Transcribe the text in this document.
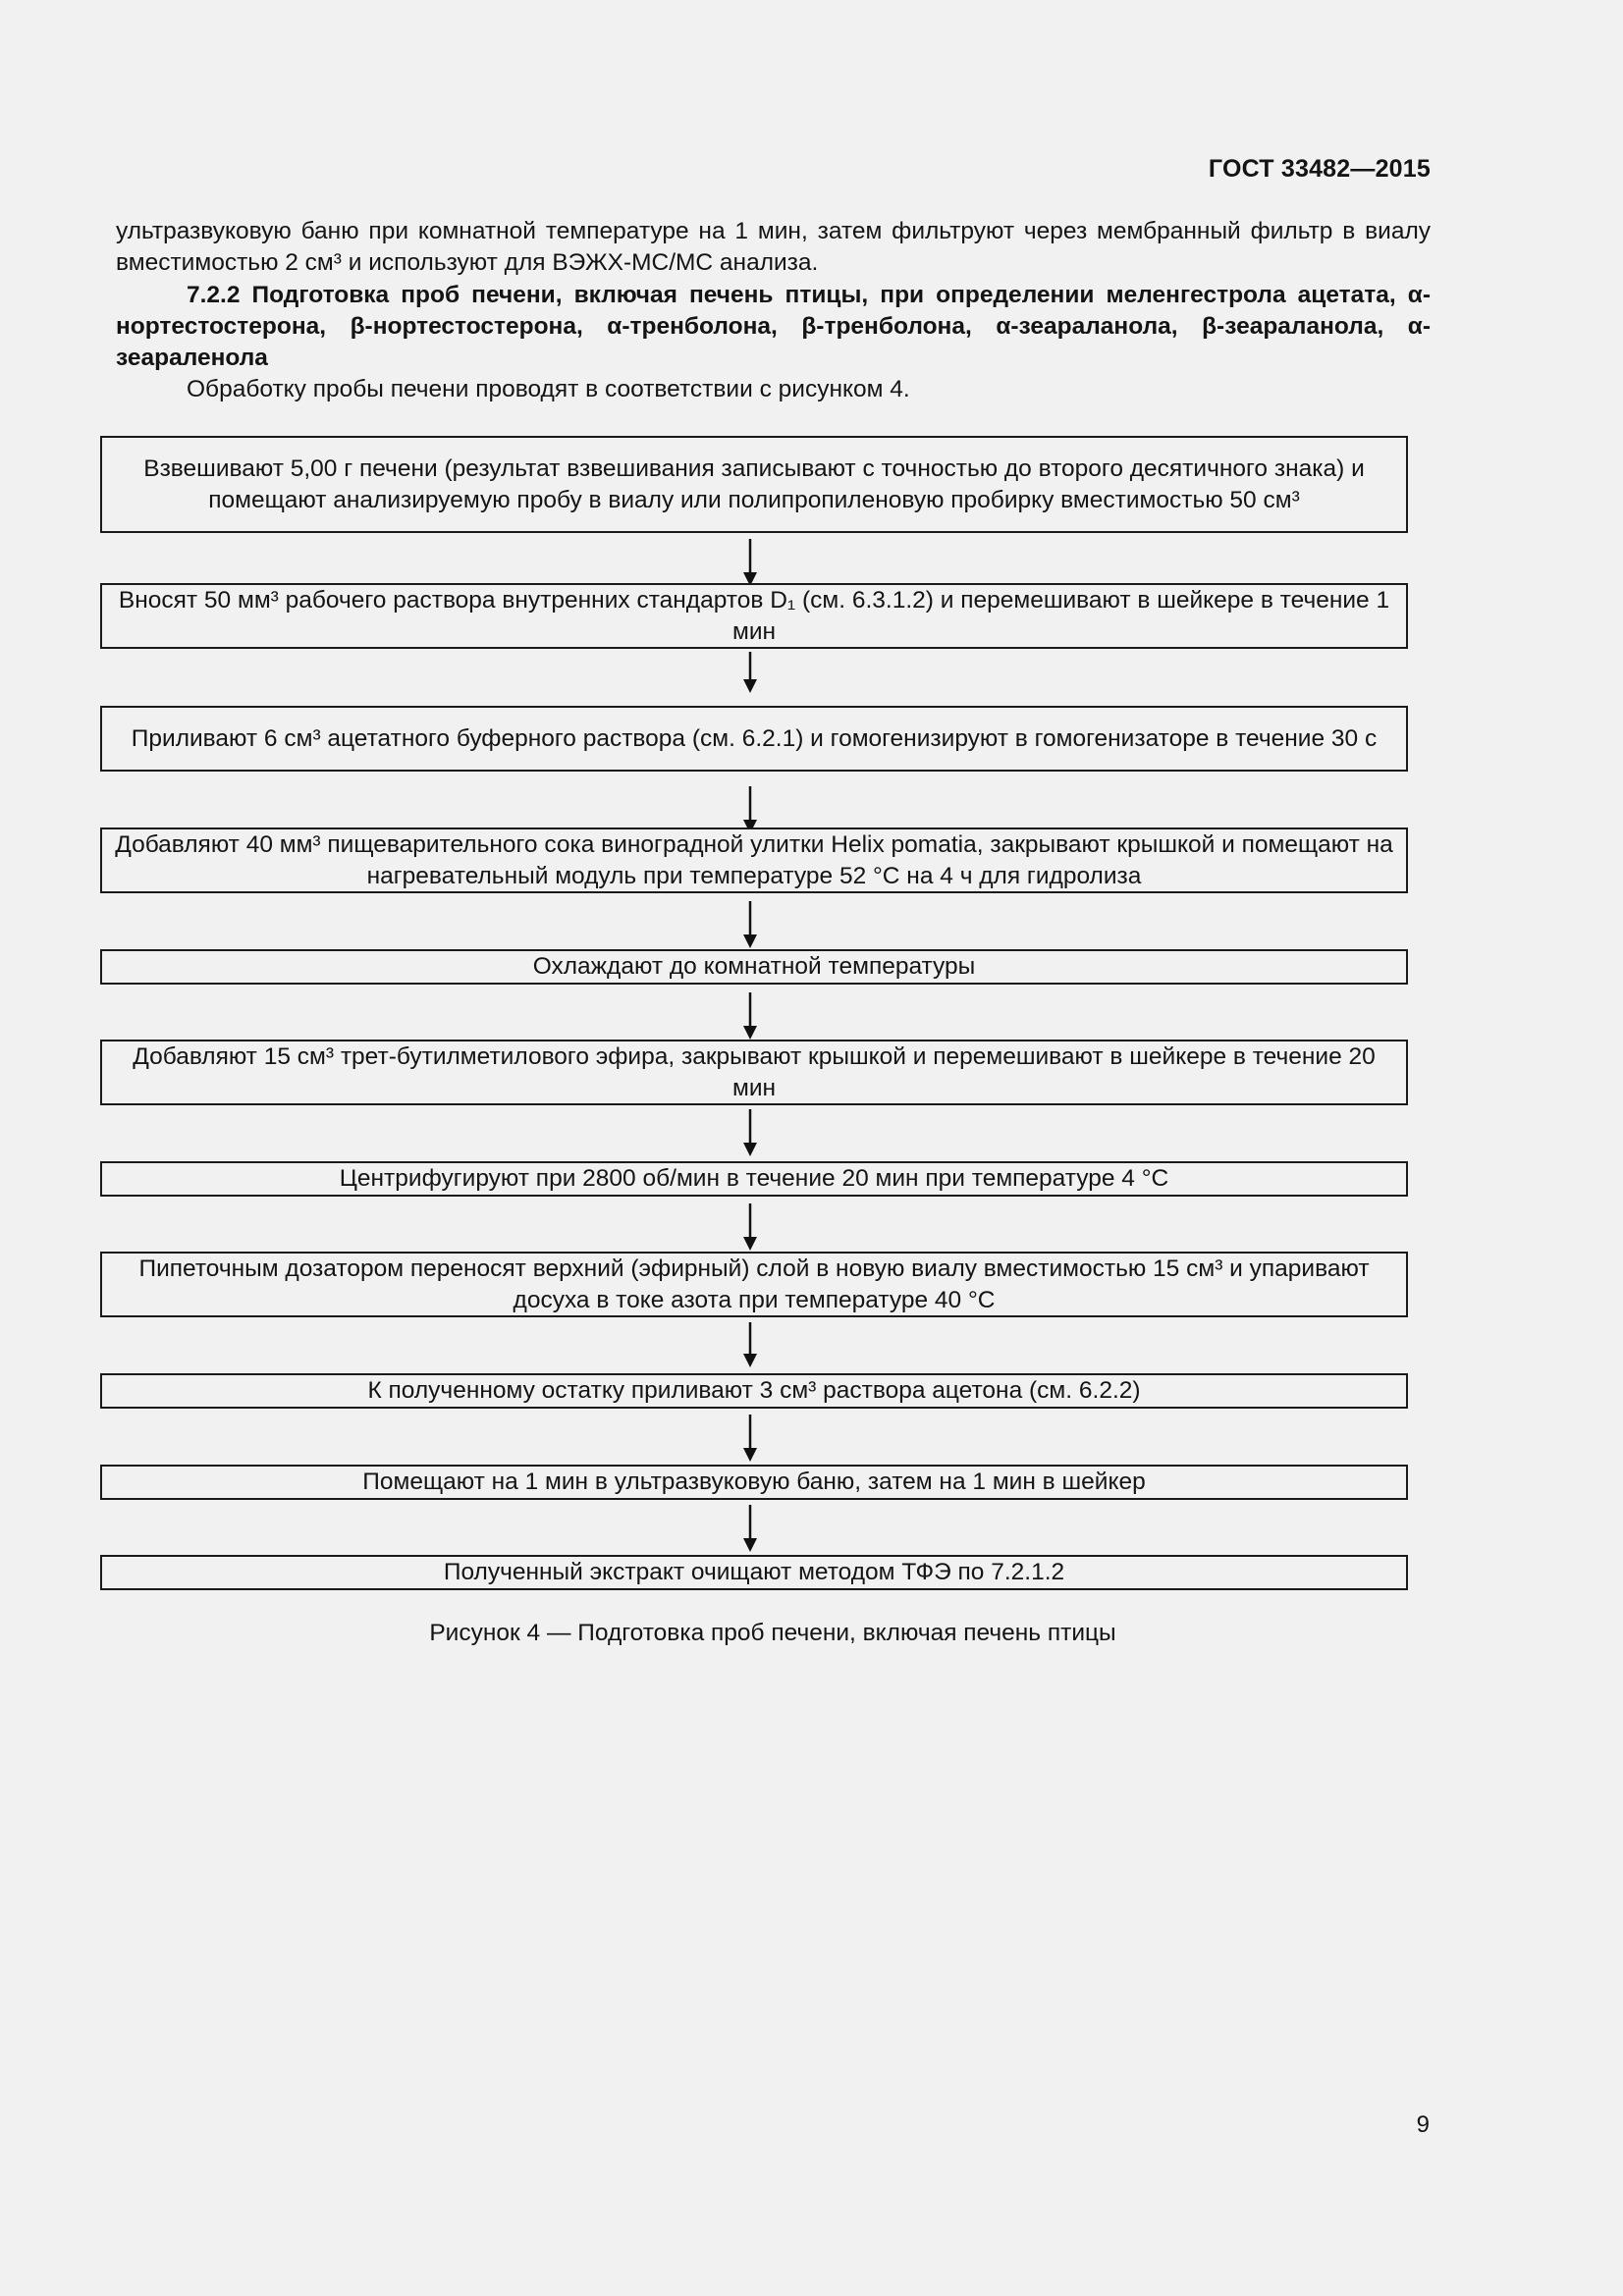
ГОСТ 33482—2015

ультразвуковую баню при комнатной температуре на 1 мин, затем фильтруют через мембранный фильтр в виалу вместимостью 2 см³ и используют для ВЭЖХ-МС/МС анализа.

7.2.2 Подготовка проб печени, включая печень птицы, при определении меленгестрола ацетата, α-нортестостерона, β-нортестостерона, α-тренболона, β-тренболона, α-зеараланола, β-зеараланола, α-зеараленола

Обработку пробы печени проводят в соответствии с рисунком 4.

Взвешивают 5,00 г печени (результат взвешивания записывают с точностью до второго десятичного знака) и помещают анализируемую пробу в виалу или полипропиленовую пробирку вместимостью 50 см³
Вносят 50 мм³ рабочего раствора внутренних стандартов D₁ (см. 6.3.1.2) и перемешивают в шейкере в течение 1 мин
Приливают 6 см³ ацетатного буферного раствора (см. 6.2.1) и гомогенизируют в гомогенизаторе в течение 30 с
Добавляют 40 мм³ пищеварительного сока виноградной улитки Helix pomatia, закрывают крышкой и помещают на нагревательный модуль при температуре 52 °С на 4 ч для гидролиза
Охлаждают до комнатной температуры
Добавляют 15 см³ трет-бутилметилового эфира, закрывают крышкой и перемешивают в шейкере в течение 20 мин
Центрифугируют при 2800 об/мин в течение 20 мин при температуре 4 °С
Пипеточным дозатором переносят верхний (эфирный) слой в новую виалу вместимостью 15 см³ и упаривают досуха в токе азота при температуре 40 °С
К полученному остатку приливают 3 см³ раствора ацетона (см. 6.2.2)
Помещают на 1 мин в ультразвуковую баню, затем на 1 мин в шейкер
Полученный экстракт очищают методом ТФЭ по 7.2.1.2
Рисунок 4 — Подготовка проб печени, включая печень птицы
9
